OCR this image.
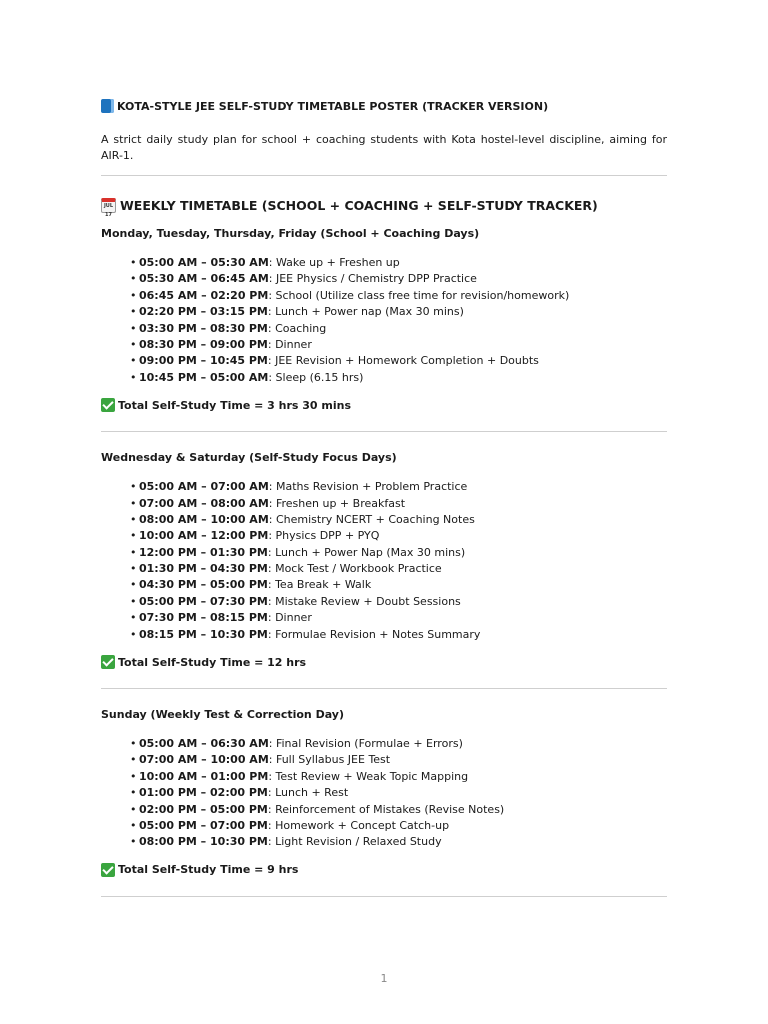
KOTA-STYLE JEE SELF-STUDY TIMETABLE POSTER (TRACKER VERSION)
A strict daily study plan for school + coaching students with Kota hostel-level discipline, aiming for AIR-1.
JUL 17
WEEKLY TIMETABLE (SCHOOL + COACHING + SELF-STUDY TRACKER)
Monday, Tuesday, Thursday, Friday (School + Coaching Days)
• 05:00 AM – 05:30 AM: Wake up + Freshen up
• 05:30 AM – 06:45 AM: JEE Physics / Chemistry DPP Practice
• 06:45 AM – 02:20 PM: School (Utilize class free time for revision/homework)
• 02:20 PM – 03:15 PM: Lunch + Power nap (Max 30 mins)
• 03:30 PM – 08:30 PM: Coaching
• 08:30 PM – 09:00 PM: Dinner
• 09:00 PM – 10:45 PM: JEE Revision + Homework Completion + Doubts
• 10:45 PM – 05:00 AM: Sleep (6.15 hrs)
Total Self-Study Time = 3 hrs 30 mins
Wednesday & Saturday (Self-Study Focus Days)
• 05:00 AM – 07:00 AM: Maths Revision + Problem Practice
• 07:00 AM – 08:00 AM: Freshen up + Breakfast
• 08:00 AM – 10:00 AM: Chemistry NCERT + Coaching Notes
• 10:00 AM – 12:00 PM: Physics DPP + PYQ
• 12:00 PM – 01:30 PM: Lunch + Power Nap (Max 30 mins)
• 01:30 PM – 04:30 PM: Mock Test / Workbook Practice
• 04:30 PM – 05:00 PM: Tea Break + Walk
• 05:00 PM – 07:30 PM: Mistake Review + Doubt Sessions
• 07:30 PM – 08:15 PM: Dinner
• 08:15 PM – 10:30 PM: Formulae Revision + Notes Summary
Total Self-Study Time = 12 hrs
Sunday (Weekly Test & Correction Day)
• 05:00 AM – 06:30 AM: Final Revision (Formulae + Errors)
• 07:00 AM – 10:00 AM: Full Syllabus JEE Test
• 10:00 AM – 01:00 PM: Test Review + Weak Topic Mapping
• 01:00 PM – 02:00 PM: Lunch + Rest
• 02:00 PM – 05:00 PM: Reinforcement of Mistakes (Revise Notes)
• 05:00 PM – 07:00 PM: Homework + Concept Catch-up
• 08:00 PM – 10:30 PM: Light Revision / Relaxed Study
Total Self-Study Time = 9 hrs
1
